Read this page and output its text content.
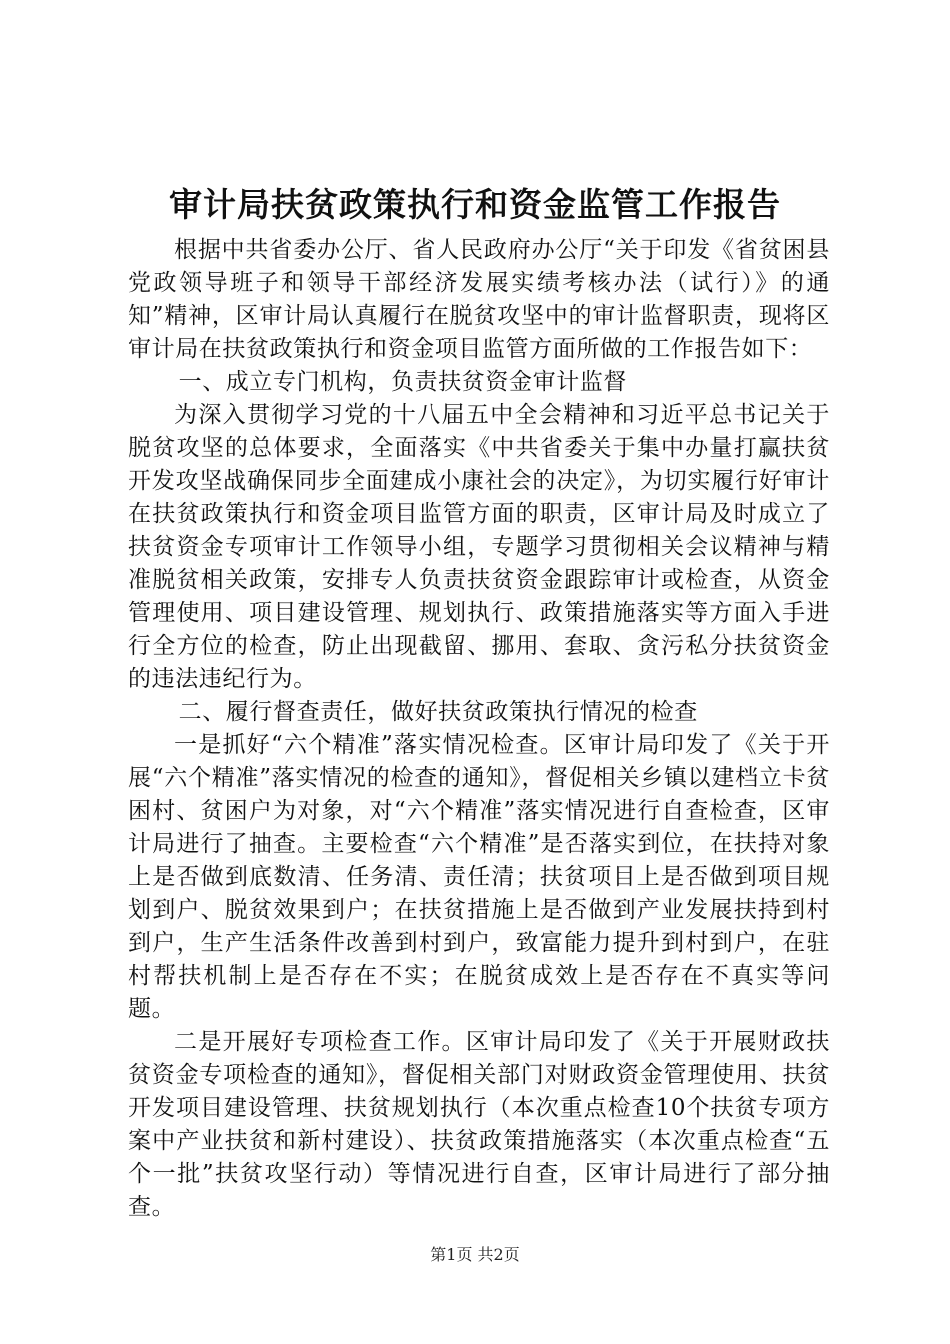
审计局扶贫政策执行和资金监管工作报告

根据中共省委办公厅、省人民政府办公厅“关于印发《省贫困县党政领导班子和领导干部经济发展实绩考核办法（试行）》的通知”精神，区审计局认真履行在脱贫攻坚中的审计监督职责，现将区审计局在扶贫政策执行和资金项目监管方面所做的工作报告如下：

一、成立专门机构，负责扶贫资金审计监督

为深入贯彻学习党的十八届五中全会精神和习近平总书记关于脱贫攻坚的总体要求，全面落实《中共省委关于集中办量打赢扶贫开发攻坚战确保同步全面建成小康社会的决定》，为切实履行好审计在扶贫政策执行和资金项目监管方面的职责，区审计局及时成立了扶贫资金专项审计工作领导小组，专题学习贯彻相关会议精神与精准脱贫相关政策，安排专人负责扶贫资金跟踪审计或检查，从资金管理使用、项目建设管理、规划执行、政策措施落实等方面入手进行全方位的检查，防止出现截留、挪用、套取、贪污私分扶贫资金的违法违纪行为。

二、履行督查责任，做好扶贫政策执行情况的检查

一是抓好“六个精准”落实情况检查。区审计局印发了《关于开展“六个精准”落实情况的检查的通知》，督促相关乡镇以建档立卡贫困村、贫困户为对象，对“六个精准”落实情况进行自查检查，区审计局进行了抽查。主要检查“六个精准”是否落实到位，在扶持对象上是否做到底数清、任务清、责任清；扶贫项目上是否做到项目规划到户、脱贫效果到户；在扶贫措施上是否做到产业发展扶持到村到户，生产生活条件改善到村到户，致富能力提升到村到户，在驻村帮扶机制上是否存在不实；在脱贫成效上是否存在不真实等问题。

二是开展好专项检查工作。区审计局印发了《关于开展财政扶贫资金专项检查的通知》，督促相关部门对财政资金管理使用、扶贫开发项目建设管理、扶贫规划执行（本次重点检查10个扶贫专项方案中产业扶贫和新村建设）、扶贫政策措施落实（本次重点检查“五个一批”扶贫攻坚行动）等情况进行自查，区审计局进行了部分抽查。

第1页 共2页
